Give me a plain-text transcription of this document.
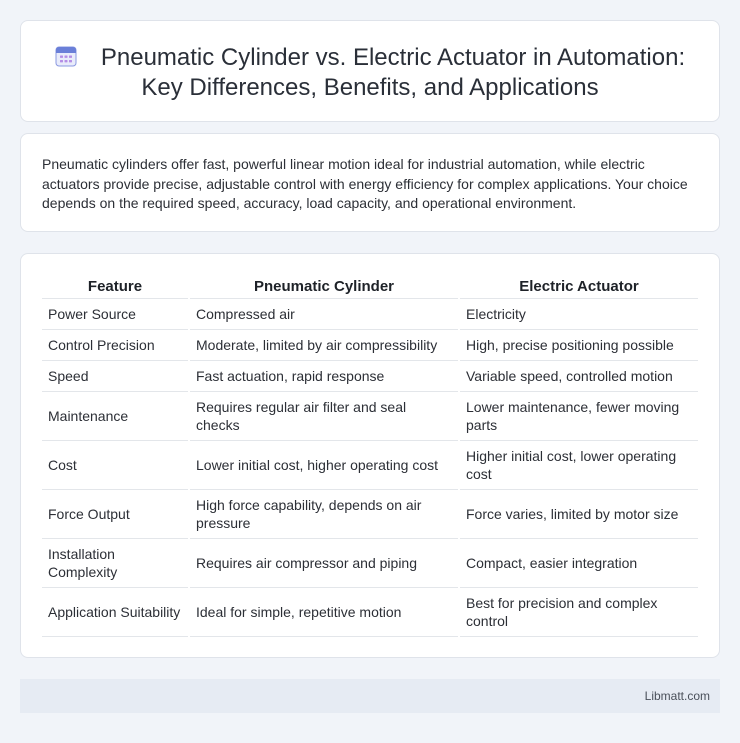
Pneumatic Cylinder vs. Electric Actuator in Automation:
Key Differences, Benefits, and Applications

Pneumatic cylinders offer fast, powerful linear motion ideal for industrial automation, while electric actuators provide precise, adjustable control with energy efficiency for complex applications. Your choice depends on the required speed, accuracy, load capacity, and operational environment.

Feature	Pneumatic Cylinder	Electric Actuator
Power Source	Compressed air	Electricity
Control Precision	Moderate, limited by air compressibility	High, precise positioning possible
Speed	Fast actuation, rapid response	Variable speed, controlled motion
Maintenance	Requires regular air filter and seal checks	Lower maintenance, fewer moving parts
Cost	Lower initial cost, higher operating cost	Higher initial cost, lower operating cost
Force Output	High force capability, depends on air pressure	Force varies, limited by motor size
Installation Complexity	Requires air compressor and piping	Compact, easier integration
Application Suitability	Ideal for simple, repetitive motion	Best for precision and complex control
Libmatt.com
